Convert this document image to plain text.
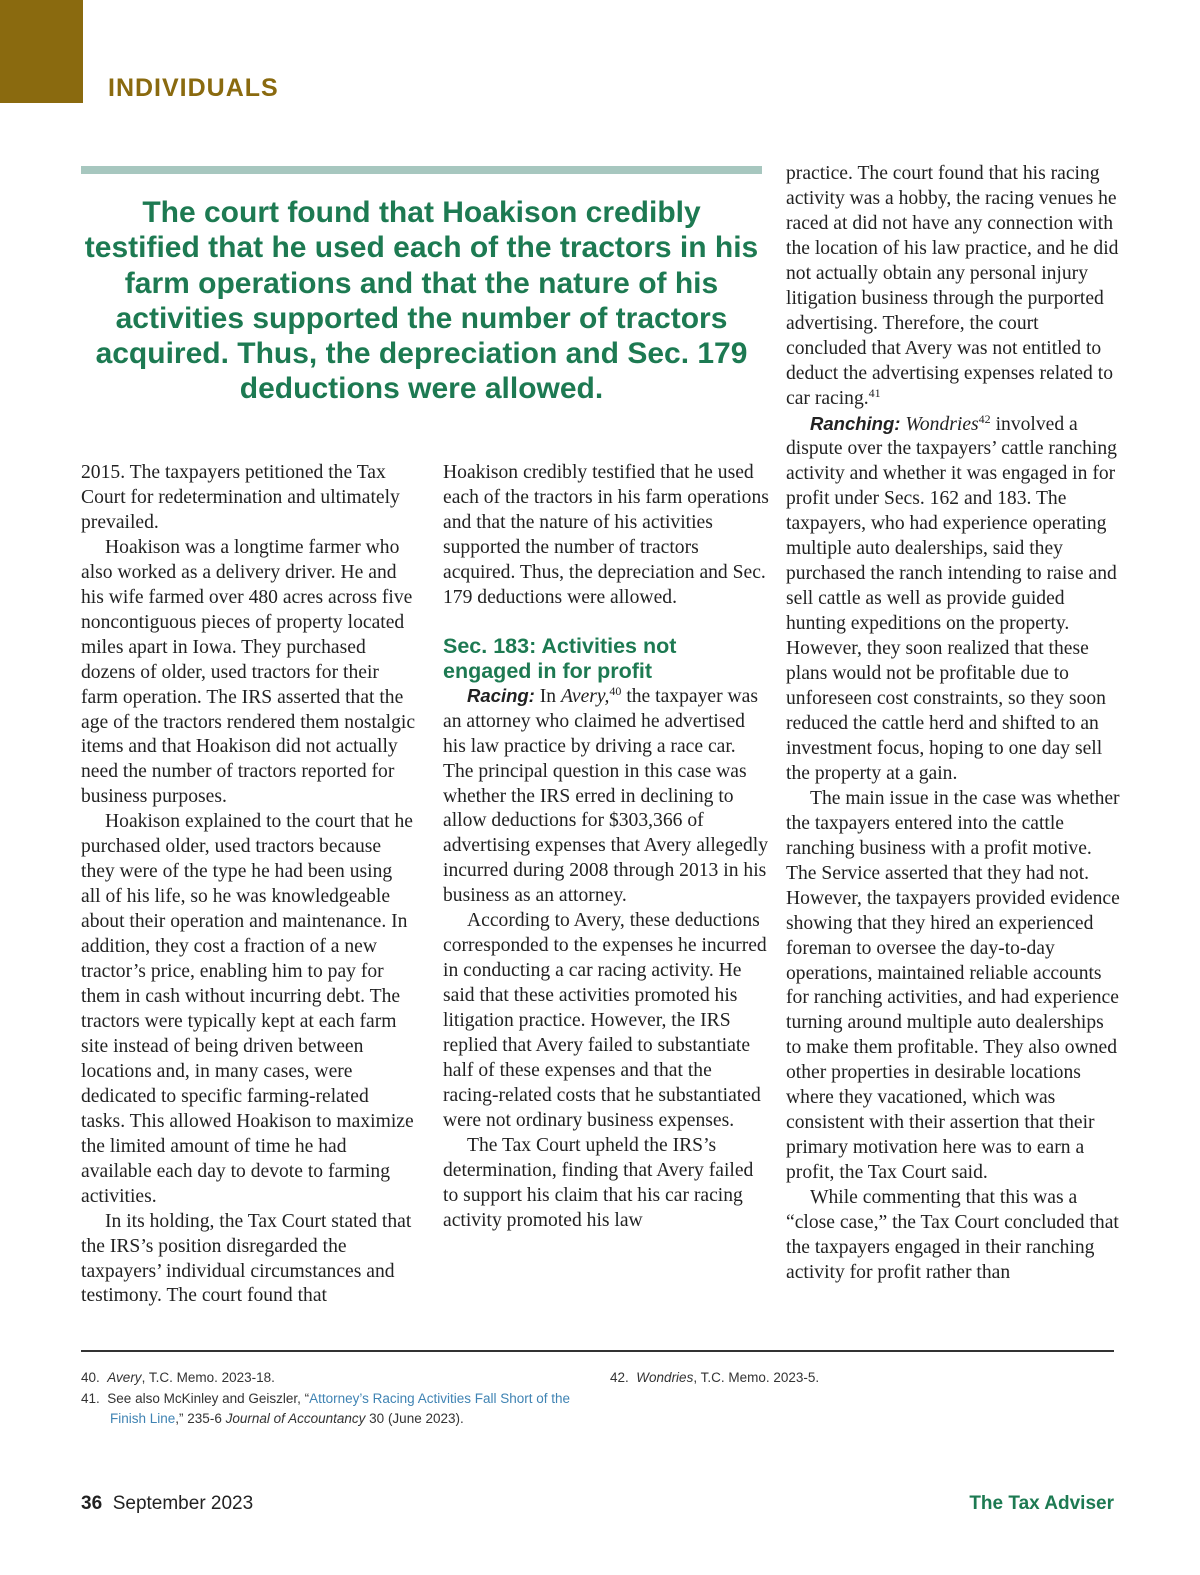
INDIVIDUALS
The court found that Hoakison credibly testified that he used each of the tractors in his farm operations and that the nature of his activities supported the number of tractors acquired. Thus, the depreciation and Sec. 179 deductions were allowed.

2015. The taxpayers petitioned the Tax Court for redetermination and ultimately prevailed.

Hoakison was a longtime farmer who also worked as a delivery driver. He and his wife farmed over 480 acres across five noncontiguous pieces of property located miles apart in Iowa. They purchased dozens of older, used tractors for their farm operation. The IRS asserted that the age of the tractors rendered them nostalgic items and that Hoakison did not actually need the number of tractors reported for business purposes.

Hoakison explained to the court that he purchased older, used tractors because they were of the type he had been using all of his life, so he was knowledgeable about their operation and maintenance. In addition, they cost a fraction of a new tractor’s price, enabling him to pay for them in cash without incurring debt. The tractors were typically kept at each farm site instead of being driven between locations and, in many cases, were dedicated to specific farming-related tasks. This allowed Hoakison to maximize the limited amount of time he had available each day to devote to farming activities.

In its holding, the Tax Court stated that the IRS’s position disregarded the taxpayers’ individual circumstances and testimony. The court found that

Hoakison credibly testified that he used each of the tractors in his farm operations and that the nature of his activities supported the number of tractors acquired. Thus, the depreciation and Sec. 179 deductions were allowed.

Sec. 183: Activities not engaged in for profit

Racing: In Avery,$^{40}$ the taxpayer was an attorney who claimed he advertised his law practice by driving a race car. The principal question in this case was whether the IRS erred in declining to allow deductions for $303,366 of advertising expenses that Avery allegedly incurred during 2008 through 2013 in his business as an attorney.

According to Avery, these deductions corresponded to the expenses he incurred in conducting a car racing activity. He said that these activities promoted his litigation practice. However, the IRS replied that Avery failed to substantiate half of these expenses and that the racing-related costs that he substantiated were not ordinary business expenses.

The Tax Court upheld the IRS’s determination, finding that Avery failed to support his claim that his car racing activity promoted his law

practice. The court found that his racing activity was a hobby, the racing venues he raced at did not have any connection with the location of his law practice, and he did not actually obtain any personal injury litigation business through the purported advertising. Therefore, the court concluded that Avery was not entitled to deduct the advertising expenses related to car racing.$^{41}$

Ranching: Wondries$^{42}$ involved a dispute over the taxpayers’ cattle ranching activity and whether it was engaged in for profit under Secs. 162 and 183. The taxpayers, who had experience operating multiple auto dealerships, said they purchased the ranch intending to raise and sell cattle as well as provide guided hunting expeditions on the property. However, they soon realized that these plans would not be profitable due to unforeseen cost constraints, so they soon reduced the cattle herd and shifted to an investment focus, hoping to one day sell the property at a gain.

The main issue in the case was whether the taxpayers entered into the cattle ranching business with a profit motive. The Service asserted that they had not. However, the taxpayers provided evidence showing that they hired an experienced foreman to oversee the day-to-day operations, maintained reliable accounts for ranching activities, and had experience turning around multiple auto dealerships to make them profitable. They also owned other properties in desirable locations where they vacationed, which was consistent with their assertion that their primary motivation here was to earn a profit, the Tax Court said.

While commenting that this was a “close case,” the Tax Court concluded that the taxpayers engaged in their ranching activity for profit rather than

40. Avery, T.C. Memo. 2023-18.

41. See also McKinley and Geiszler, “Attorney’s Racing Activities Fall Short of the Finish Line,” 235-6 Journal of Accountancy 30 (June 2023).

42. Wondries, T.C. Memo. 2023-5.

36 September 2023	The Tax Adviser
